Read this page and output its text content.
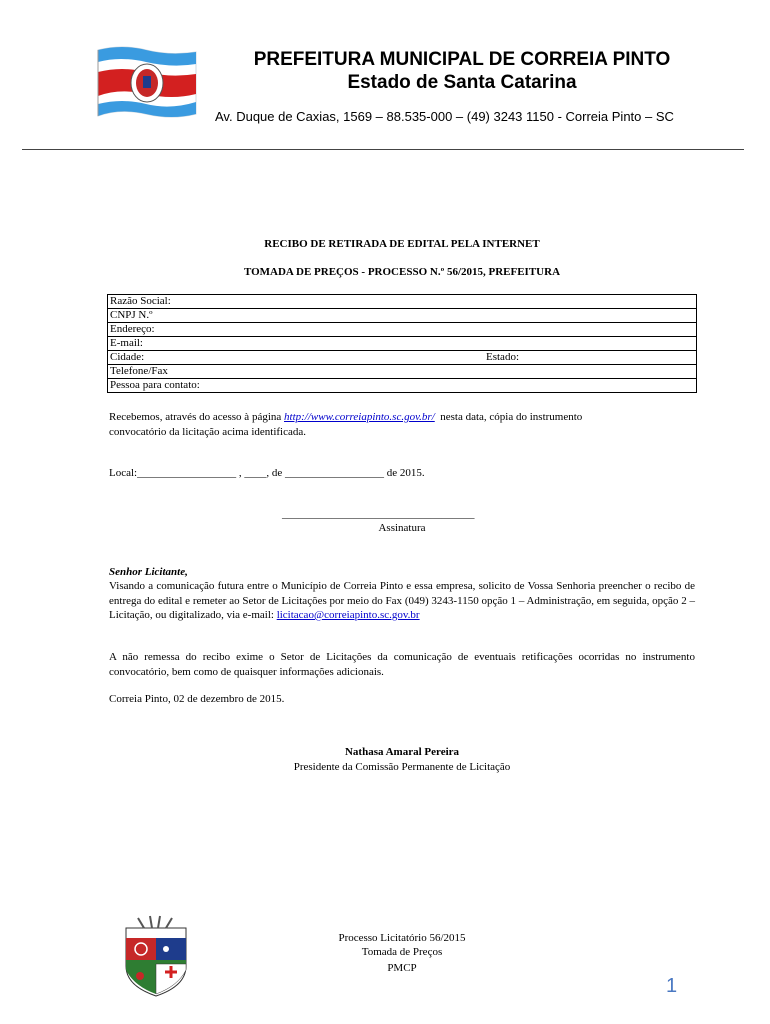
PREFEITURA MUNICIPAL DE CORREIA PINTO
Estado de Santa Catarina
Av. Duque de Caxias, 1569 – 88.535-000 – (49) 3243 1150 - Correia Pinto – SC
RECIBO DE RETIRADA DE EDITAL PELA INTERNET
TOMADA DE PREÇOS - PROCESSO N.º 56/2015, PREFEITURA
Razão Social:
CNPJ N.º
Endereço:
E-mail:
Cidade:	Estado:

Telefone/Fax
Pessoa para contato:
Recebemos, através do acesso à página http://www.correiapinto.sc.gov.br/ nesta data, cópia do instrumento
convocatório da licitação acima identificada.
Local:__________________ , ____, de __________________ de 2015.
___________________________________
Assinatura
Senhor Licitante,
Visando a comunicação futura entre o Município de Correia Pinto e essa empresa, solicito de Vossa Senhoria preencher o recibo de entrega do edital e remeter ao Setor de Licitações por meio do Fax (049) 3243-1150 opção 1 – Administração, em seguida, opção 2 – Licitação, ou digitalizado, via e-mail: licitacao@correiapinto.sc.gov.br
A não remessa do recibo exime o Setor de Licitações da comunicação de eventuais retificações ocorridas no instrumento convocatório, bem como de quaisquer informações adicionais.
Correia Pinto, 02 de dezembro de 2015.
Nathasa Amaral Pereira
Presidente da Comissão Permanente de Licitação
Processo Licitatório 56/2015
Tomada de Preços
PMCP
1
